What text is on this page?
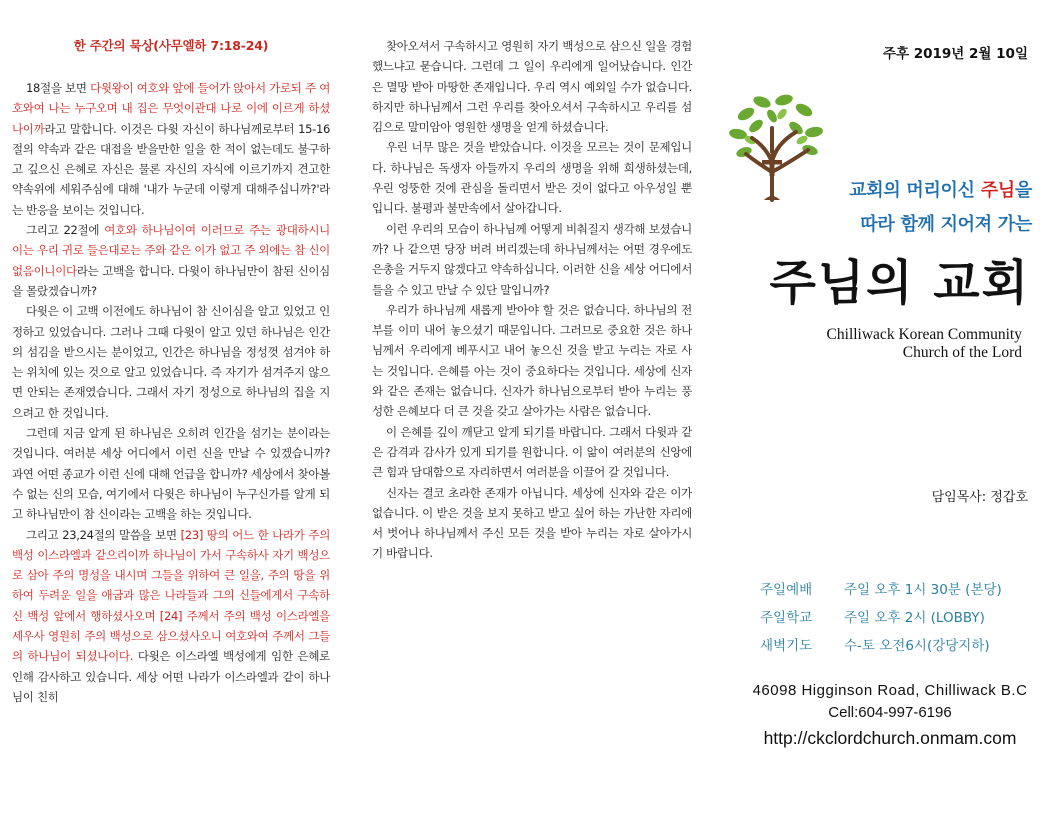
한 주간의 묵상(사무엘하 7:18-24)

18절을 보면 다윗왕이 여호와 앞에 들어가 앉아서 가로되 주 여호와여 나는 누구오며 내 집은 무엇이관대 나로 이에 이르게 하셨나이까라고 말합니다. 이것은 다윗 자신이 하나님께로부터 15-16절의 약속과 같은 대접을 받을만한 일을 한 적이 없는데도 불구하고 깊으신 은혜로 자신은 물론 자신의 자식에 이르기까지 견고한 약속위에 세워주심에 대해 '내가 누군데 이렇게 대해주십니까?'라는 반응을 보이는 것입니다.

그리고 22절에 여호와 하나님이여 이러므로 주는 광대하시니 이는 우리 귀로 들은대로는 주와 같은 이가 없고 주 외에는 참 신이 없음이니이다라는 고백을 합니다. 다윗이 하나님만이 참된 신이심을 몰랐겠습니까?

다윗은 이 고백 이전에도 하나님이 참 신이심을 알고 있었고 인정하고 있었습니다. 그러나 그때 다윗이 알고 있던 하나님은 인간의 섬김을 받으시는 분이었고, 인간은 하나님을 정성껏 섬겨야 하는 위치에 있는 것으로 알고 있었습니다. 즉 자기가 섬겨주지 않으면 안되는 존재였습니다. 그래서 자기 정성으로 하나님의 집을 지으려고 한 것입니다.

그런데 지금 알게 된 하나님은 오히려 인간을 섬기는 분이라는 것입니다. 여러분 세상 어디에서 이런 신을 만날 수 있겠습니까? 과연 어떤 종교가 이런 신에 대해 언급을 합니까? 세상에서 찾아볼 수 없는 신의 모습, 여기에서 다윗은 하나님이 누구신가를 알게 되고 하나님만이 참 신이라는 고백을 하는 것입니다.

그리고 23,24절의 말씀을 보면 [23] 땅의 어느 한 나라가 주의 백성 이스라엘과 같으리이까 하나님이 가서 구속하사 자기 백성으로 삼아 주의 명성을 내시며 그들을 위하여 큰 일을, 주의 땅을 위하여 두려운 일을 애굽과 많은 나라들과 그의 신들에게서 구속하신 백성 앞에서 행하셨사오며 [24] 주께서 주의 백성 이스라엘을 세우사 영원히 주의 백성으로 삼으셨사오니 여호와여 주께서 그들의 하나님이 되셨나이다. 다윗은 이스라엘 백성에게 임한 은혜로 인해 감사하고 있습니다. 세상 어떤 나라가 이스라엘과 같이 하나님이 친히

찾아오셔서 구속하시고 영원히 자기 백성으로 삼으신 일을 경험했느냐고 묻습니다. 그런데 그 일이 우리에게 일어났습니다. 인간은 멸망 받아 마땅한 존재입니다. 우리 역시 예외일 수가 없습니다. 하지만 하나님께서 그런 우리를 찾아오셔서 구속하시고 우리를 섬김으로 말미암아 영원한 생명을 얻게 하셨습니다.

우린 너무 많은 것을 받았습니다. 이것을 모르는 것이 문제입니다. 하나님은 독생자 아들까지 우리의 생명을 위해 희생하셨는데, 우린 엉뚱한 것에 관심을 돌리면서 받은 것이 없다고 아우성일 뿐입니다. 불평과 불만속에서 살아갑니다.

이런 우리의 모습이 하나님께 어떻게 비춰질지 생각해 보셨습니까? 나 같으면 당장 버려 버리겠는데 하나님께서는 어떤 경우에도 은총을 거두지 않겠다고 약속하십니다. 이러한 신을 세상 어디에서 들을 수 있고 만날 수 있단 말입니까?

우리가 하나님께 새롭게 받아야 할 것은 없습니다. 하나님의 전부를 이미 내어 놓으셨기 때문입니다. 그러므로 중요한 것은 하나님께서 우리에게 베푸시고 내어 놓으신 것을 받고 누리는 자로 사는 것입니다. 은혜를 아는 것이 중요하다는 것입니다. 세상에 신자와 같은 존재는 없습니다. 신자가 하나님으로부터 받아 누리는 풍성한 은혜보다 더 큰 것을 갖고 살아가는 사람은 없습니다.

이 은혜를 깊이 깨닫고 알게 되기를 바랍니다. 그래서 다윗과 같은 감격과 감사가 있게 되기를 원합니다. 이 앎이 여러분의 신앙에 큰 힘과 담대함으로 자리하면서 여러분을 이끌어 갈 것입니다.

신자는 결코 초라한 존재가 아닙니다. 세상에 신자와 같은 이가 없습니다. 이 받은 것을 보지 못하고 받고 싶어 하는 가난한 자리에서 벗어나 하나님께서 주신 모든 것을 받아 누리는 자로 살아가시기 바랍니다.

주후 2019년 2월 10일
교회의 머리이신 주님을
따라 함께 지어져 가는
주님의 교회
Chilliwack Korean Community
Church of the Lord
담임목사: 정갑호
주일예배	주일 오후 1시 30분 (본당)
주일학교	주일 오후 2시 (LOBBY)
새벽기도	수-토 오전6시(강당지하)
46098 Higginson Road, Chilliwack B.C
Cell:604-997-6196
http://ckclordchurch.onmam.com
